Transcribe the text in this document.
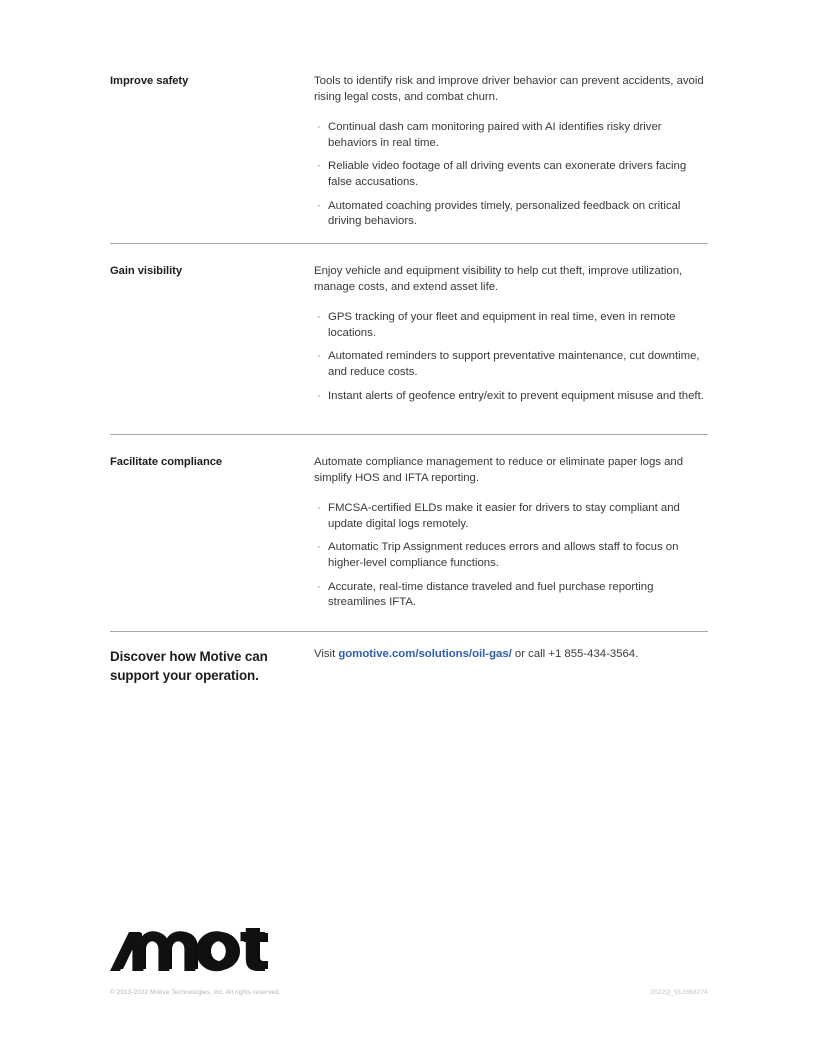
Improve safety	Tools to identify risk and improve driver behavior can prevent accidents, avoid rising legal costs, and combat churn.

· Continual dash cam monitoring paired with AI identifies risky driver behaviors in real time.
· Reliable video footage of all driving events can exonerate drivers facing false accusations.
· Automated coaching provides timely, personalized feedback on critical driving behaviors.
Gain visibility	Enjoy vehicle and equipment visibility to help cut theft, improve utilization, manage costs, and extend asset life.

· GPS tracking of your fleet and equipment in real time, even in remote locations.
· Automated reminders to support preventative maintenance, cut downtime, and reduce costs.
· Instant alerts of geofence entry/exit to prevent equipment misuse and theft.
Facilitate compliance	Automate compliance management to reduce or eliminate paper logs and simplify HOS and IFTA reporting.

· FMCSA-certified ELDs make it easier for drivers to stay compliant and update digital logs remotely.
· Automatic Trip Assignment reduces errors and allows staff to focus on higher-level compliance functions.
· Accurate, real-time distance traveled and fuel purchase reporting streamlines IFTA.
Discover how Motive can support your operation.

Visit gomotive.com/solutions/oil-gas/ or call +1 855-434-3564.

© 2013-2022 Motive Technologies, Inc. All rights reserved.	2022Q_913868274
